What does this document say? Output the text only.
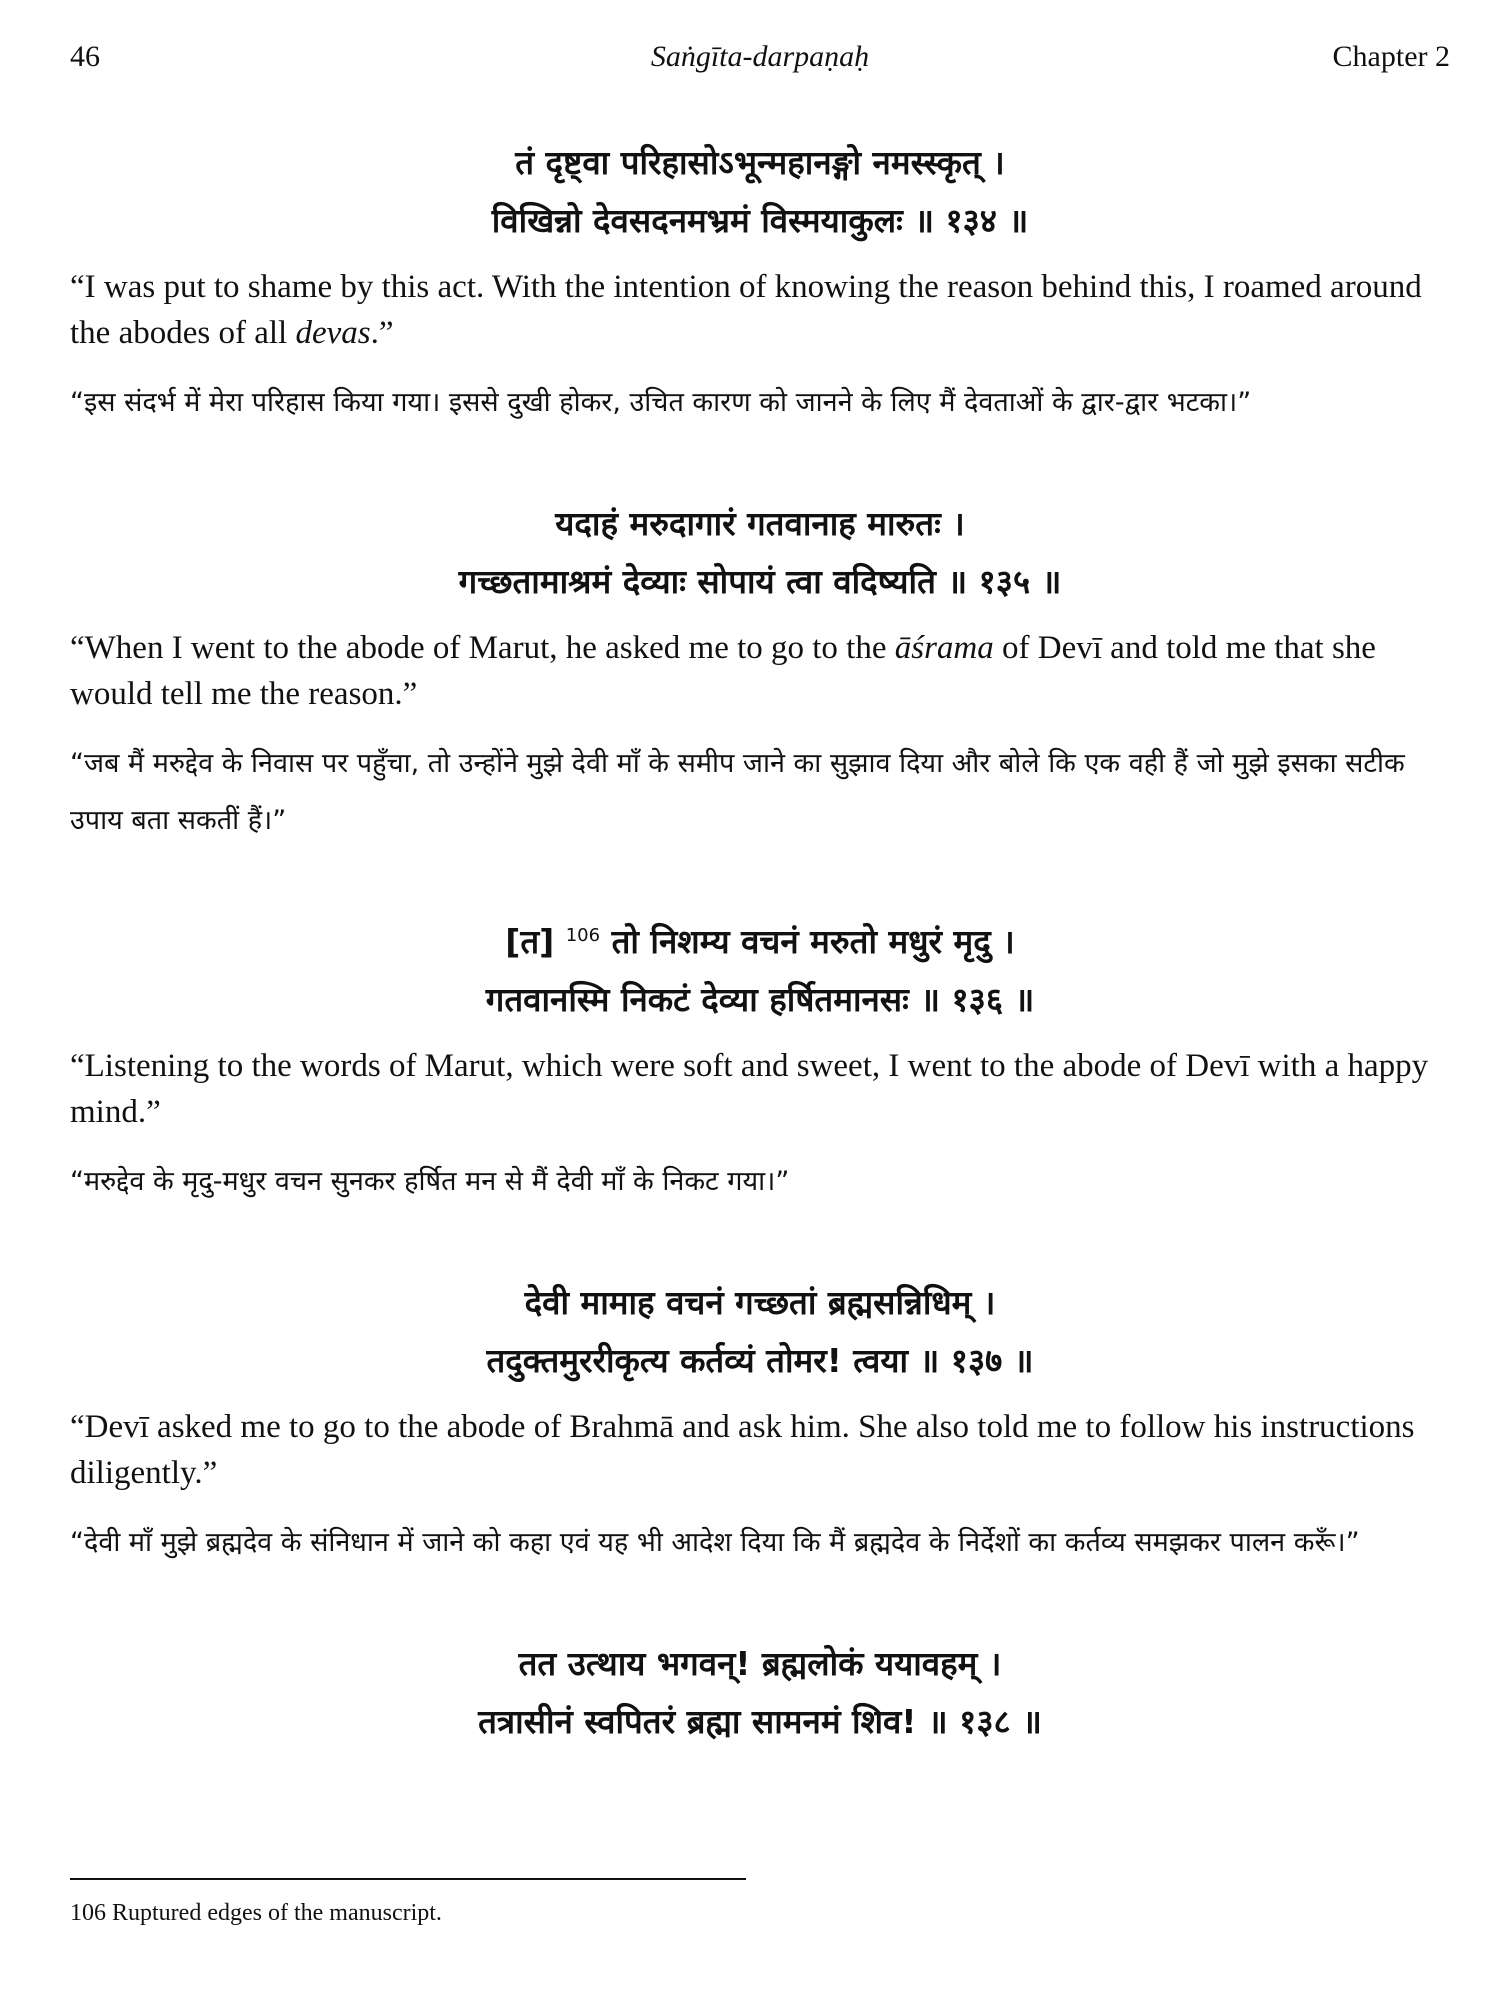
46	Saṅgīta-darpaṇaḥ	Chapter 2
तं दृष्ट्वा परिहासोऽभून्महानङ्गो नमस्स्कृत् ।
विखिन्नो देवसदनमभ्रमं विस्मयाकुलः ॥ १३४ ॥

“I was put to shame by this act. With the intention of knowing the reason behind this, I roamed around the abodes of all devas.”

“इस संदर्भ में मेरा परिहास किया गया। इससे दुखी होकर, उचित कारण को जानने के लिए मैं देवताओं के द्वार-द्वार भटका।”

यदाहं मरुदागारं गतवानाह मारुतः ।
गच्छतामाश्रमं देव्याः सोपायं त्वा वदिष्यति ॥ १३५ ॥

“When I went to the abode of Marut, he asked me to go to the āśrama of Devī and told me that she would tell me the reason.”

“जब मैं मरुद्देव के निवास पर पहुँचा, तो उन्होंने मुझे देवी माँ के समीप जाने का सुझाव दिया और बोले कि एक वही हैं जो मुझे इसका सटीक उपाय बता सकतीं हैं।”

[त] $^{106}$ तो निशम्य वचनं मरुतो मधुरं मृदु ।
गतवानस्मि निकटं देव्या हर्षितमानसः ॥ १३६ ॥

“Listening to the words of Marut, which were soft and sweet, I went to the abode of Devī with a happy mind.”

“मरुद्देव के मृदु-मधुर वचन सुनकर हर्षित मन से मैं देवी माँ के निकट गया।”

देवी मामाह वचनं गच्छतां ब्रह्मसन्निधिम् ।
तदुक्तमुररीकृत्य कर्तव्यं तोमर! त्वया ॥ १३७ ॥

“Devī asked me to go to the abode of Brahmā and ask him. She also told me to follow his instructions diligently.”

“देवी माँ मुझे ब्रह्मदेव के संनिधान में जाने को कहा एवं यह भी आदेश दिया कि मैं ब्रह्मदेव के निर्देशों का कर्तव्य समझकर पालन करूँ।”

तत उत्थाय भगवन्! ब्रह्मलोकं ययावहम् ।
तत्रासीनं स्वपितरं ब्रह्मा सामनमं शिव! ॥ १३८ ॥
106 Ruptured edges of the manuscript.
